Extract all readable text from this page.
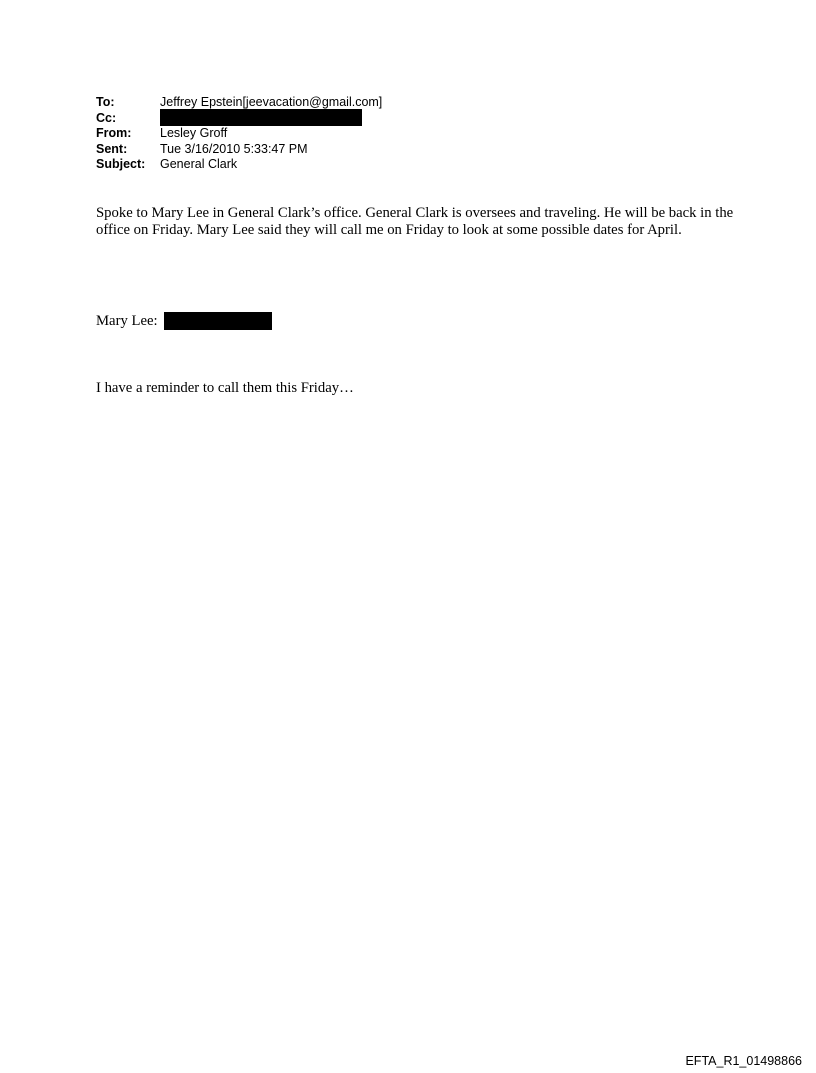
To:	Jeffrey Epstein[jeevacation@gmail.com]
Cc:
From:	Lesley Groff
Sent:	Tue 3/16/2010 5:33:47 PM
Subject:	General Clark

Spoke to Mary Lee in General Clark’s office. General Clark is oversees and traveling. He will be back in the office on Friday. Mary Lee said they will call me on Friday to look at some possible dates for April.

Mary Lee:

I have a reminder to call them this Friday…

EFTA_R1_01498866
